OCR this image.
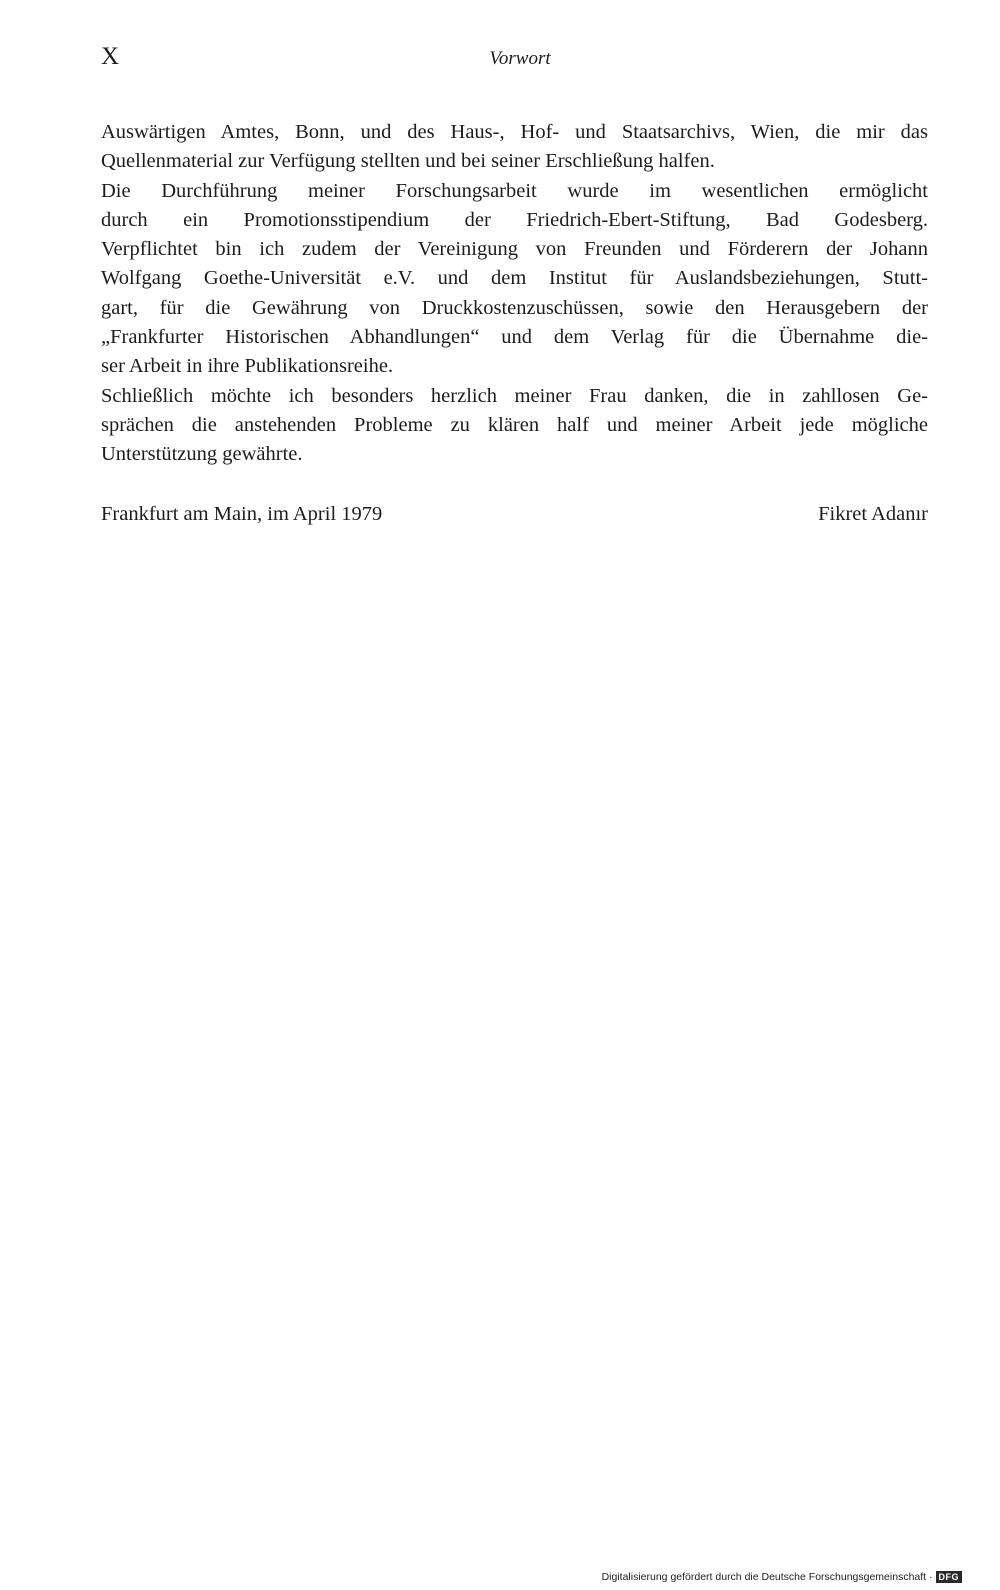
X	Vorwort
Auswärtigen Amtes, Bonn, und des Haus-, Hof- und Staatsarchivs, Wien, die mir das
Quellenmaterial zur Verfügung stellten und bei seiner Erschließung halfen.
Die Durchführung meiner Forschungsarbeit wurde im wesentlichen ermöglicht
durch ein Promotionsstipendium der Friedrich-Ebert-Stiftung, Bad Godesberg.
Verpflichtet bin ich zudem der Vereinigung von Freunden und Förderern der Johann
Wolfgang Goethe-Universität e.V. und dem Institut für Auslandsbeziehungen, Stutt-
gart, für die Gewährung von Druckkostenzuschüssen, sowie den Herausgebern der
„Frankfurter Historischen Abhandlungen“ und dem Verlag für die Übernahme die-
ser Arbeit in ihre Publikationsreihe.
Schließlich möchte ich besonders herzlich meiner Frau danken, die in zahllosen Ge-
sprächen die anstehenden Probleme zu klären half und meiner Arbeit jede mögliche
Unterstützung gewährte.
Frankfurt am Main, im April 1979	Fikret Adanır
Digitalisierung gefördert durch die Deutsche Forschungsgemeinschaft · DFG
